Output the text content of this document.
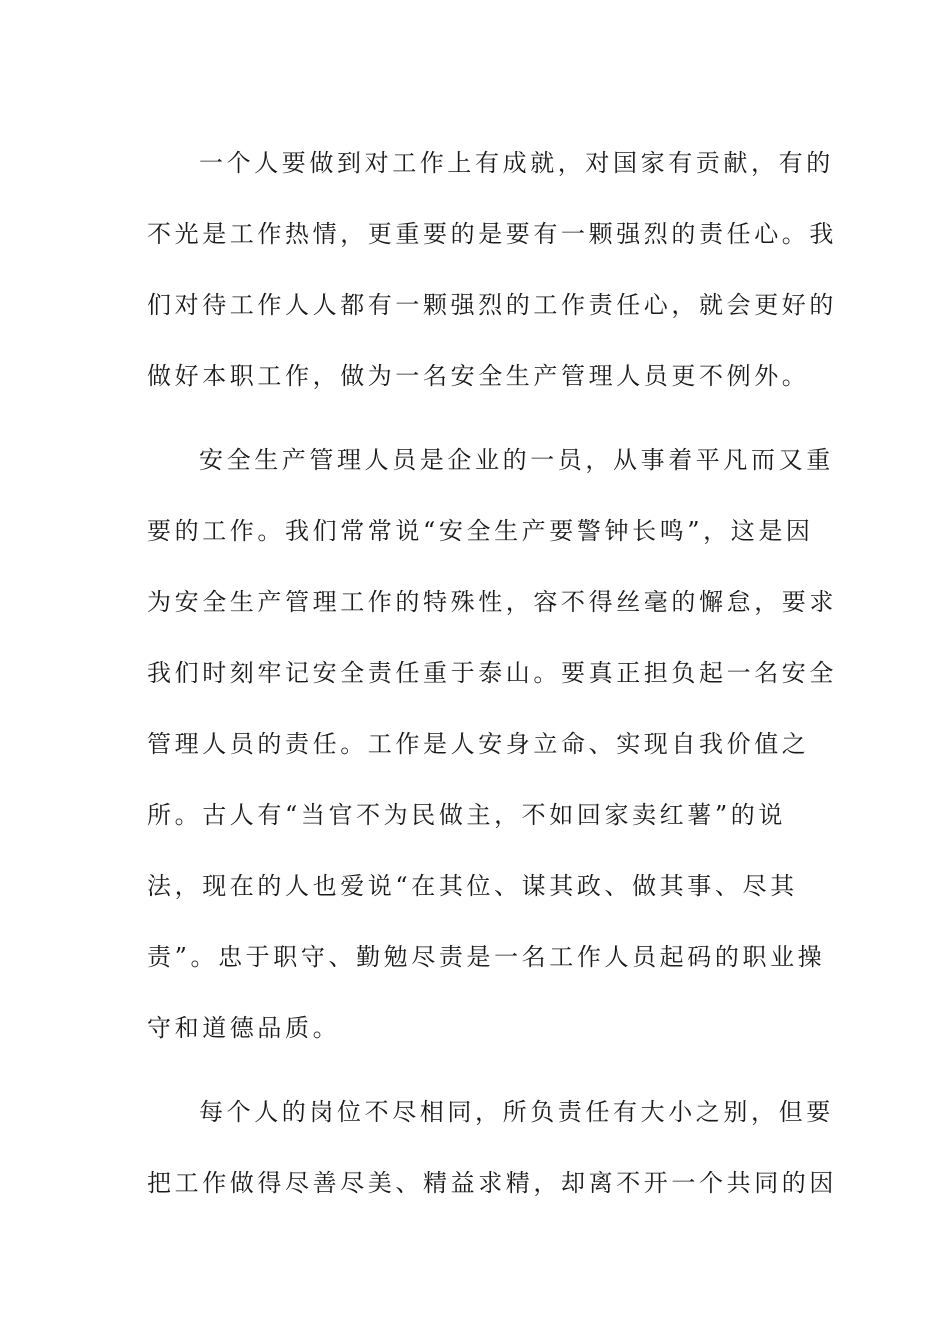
一个人要做到对工作上有成就，对国家有贡献，有的
不光是工作热情，更重要的是要有一颗强烈的责任心。我
们对待工作人人都有一颗强烈的工作责任心，就会更好的
做好本职工作，做为一名安全生产管理人员更不例外。
安全生产管理人员是企业的一员，从事着平凡而又重
要的工作。我们常常说“安全生产要警钟长鸣”，这是因
为安全生产管理工作的特殊性，容不得丝毫的懈怠，要求
我们时刻牢记安全责任重于泰山。要真正担负起一名安全
管理人员的责任。工作是人安身立命、实现自我价值之
所。古人有“当官不为民做主，不如回家卖红薯”的说
法，现在的人也爱说“在其位、谋其政、做其事、尽其
责”。忠于职守、勤勉尽责是一名工作人员起码的职业操
守和道德品质。
每个人的岗位不尽相同，所负责任有大小之别，但要
把工作做得尽善尽美、精益求精，却离不开一个共同的因
